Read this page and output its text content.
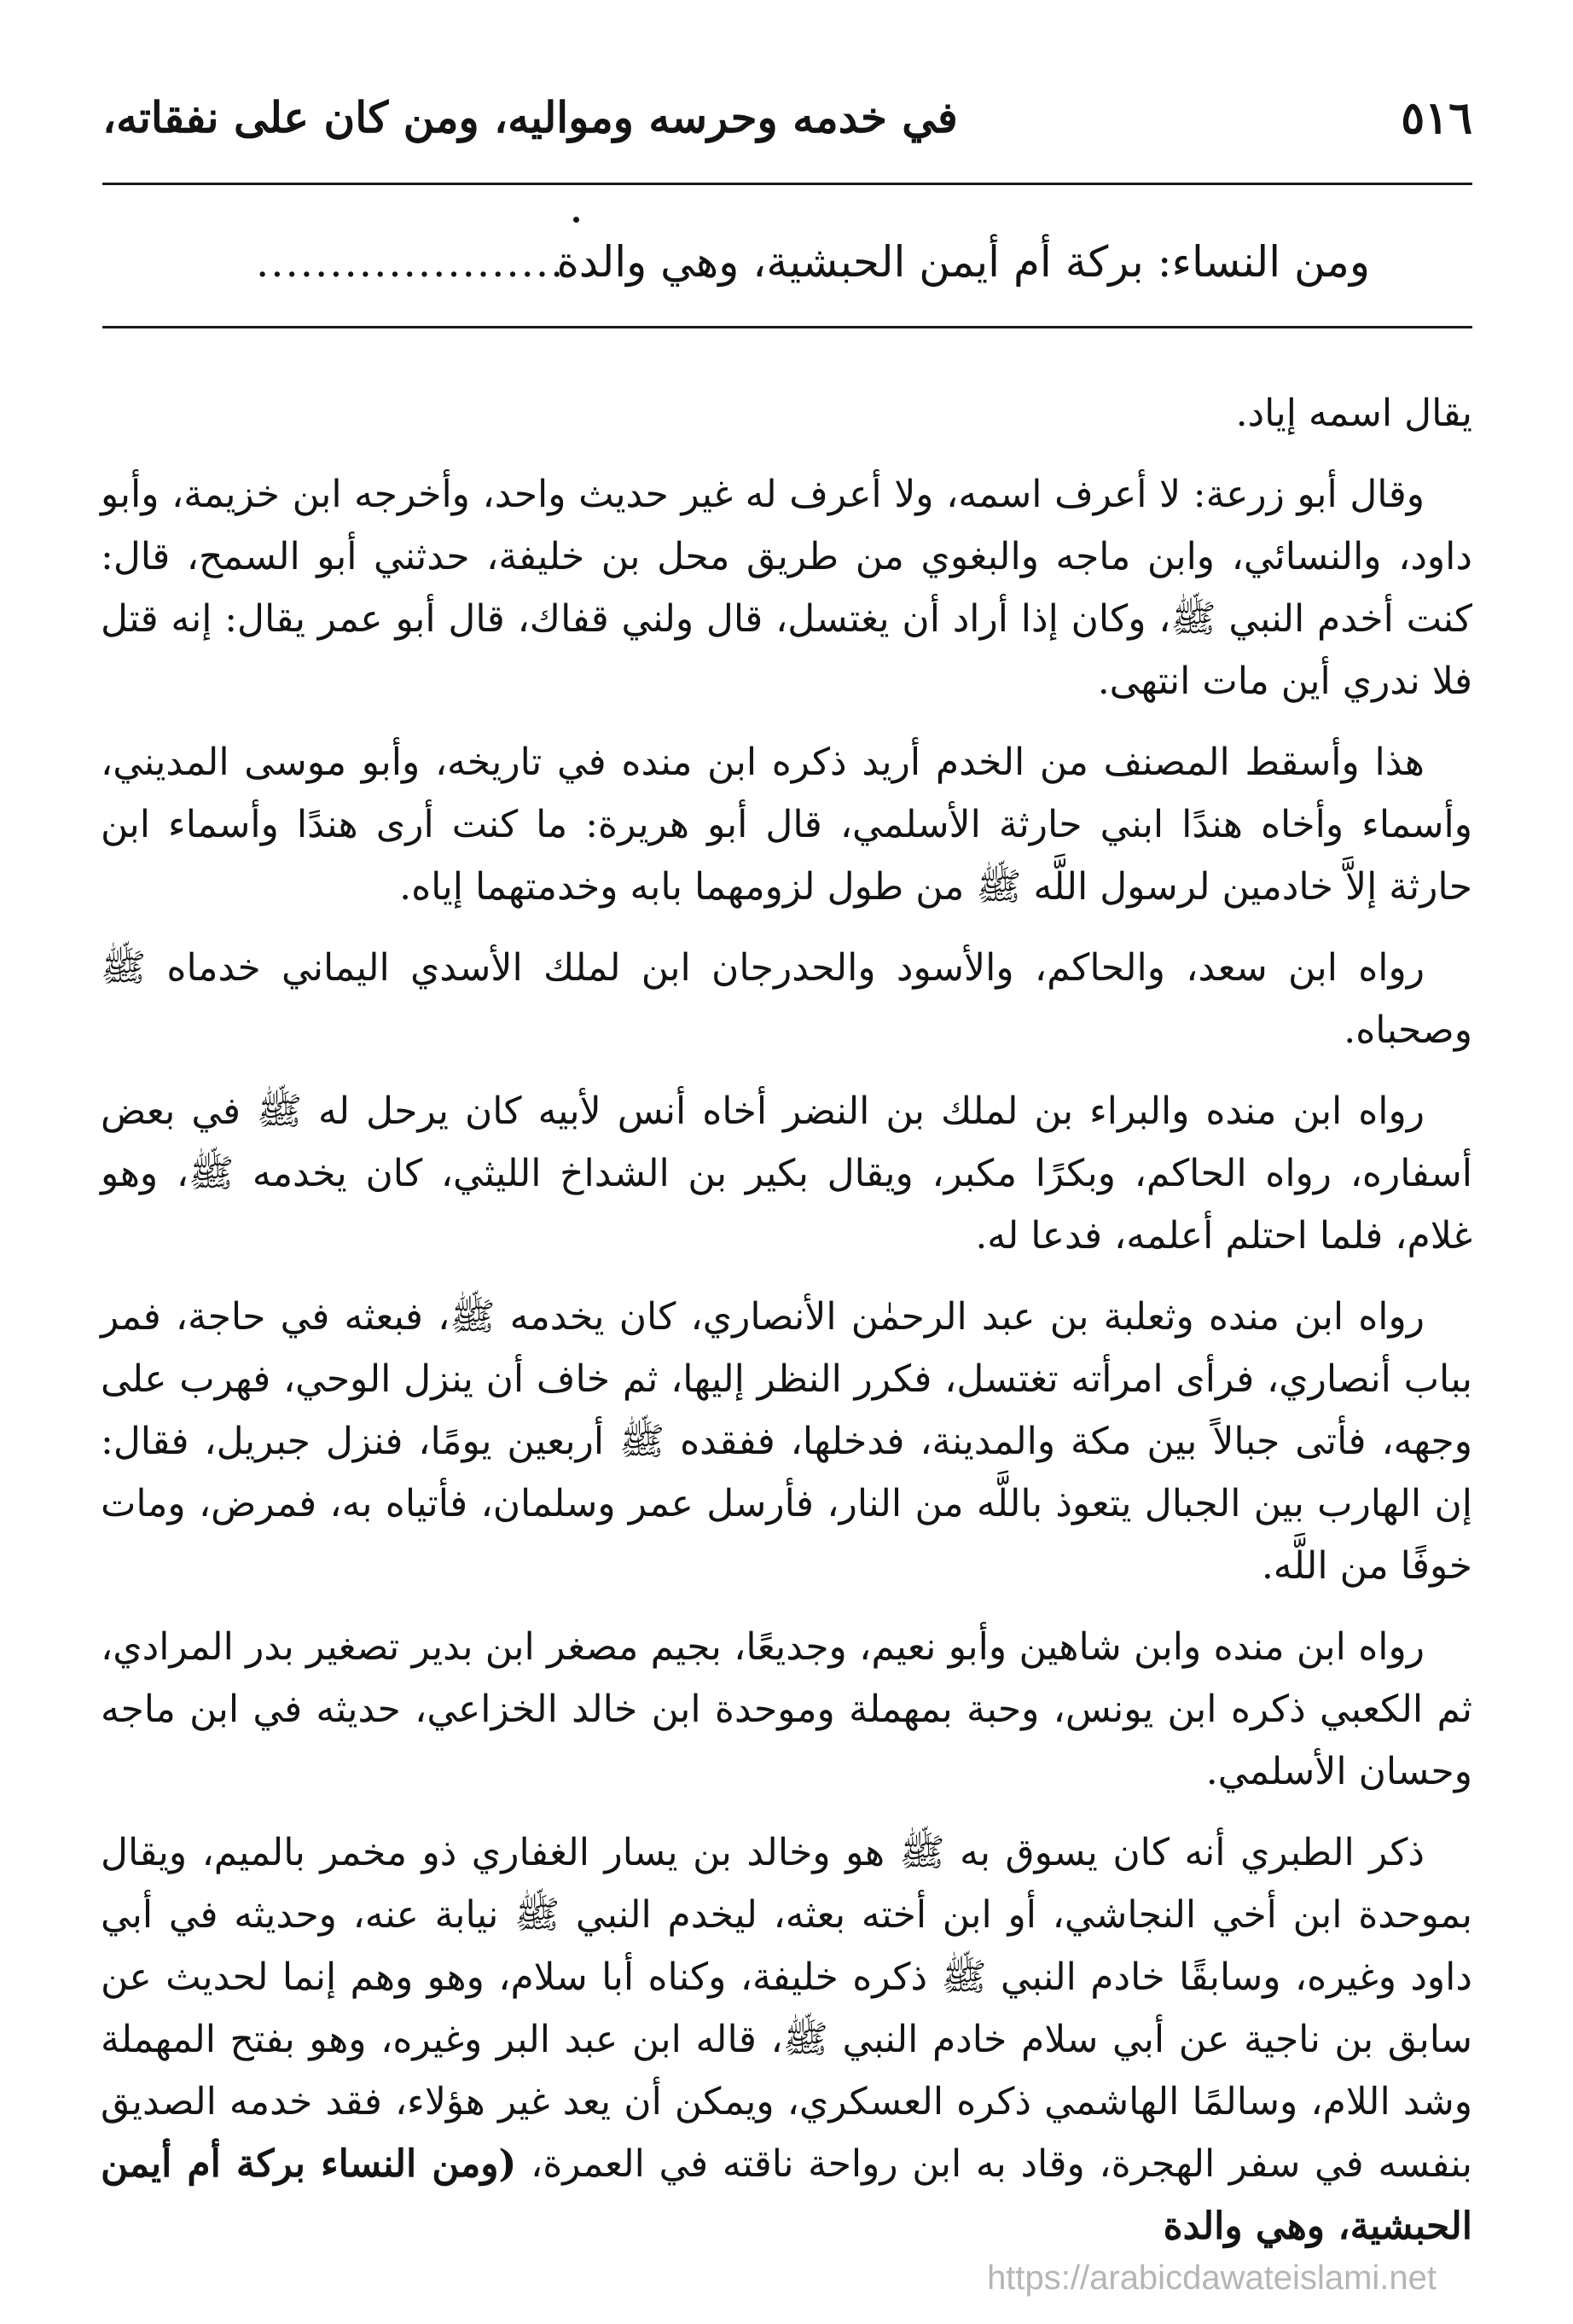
٥١٦
في خدمه وحرسه ومواليه، ومن كان على نفقاته،
ومن النساء: بركة أم أيمن الحبشية، وهي والدة
.....................

يقال اسمه إياد.

وقال أبو زرعة: لا أعرف اسمه، ولا أعرف له غير حديث واحد، وأخرجه ابن خزيمة، وأبو داود، والنسائي، وابن ماجه والبغوي من طريق محل بن خليفة، حدثني أبو السمح، قال: كنت أخدم النبي ﷺ، وكان إذا أراد أن يغتسل، قال ولني قفاك، قال أبو عمر يقال: إنه قتل فلا ندري أين مات انتهى.

هذا وأسقط المصنف من الخدم أريد ذكره ابن منده في تاريخه، وأبو موسى المديني، وأسماء وأخاه هندًا ابني حارثة الأسلمي، قال أبو هريرة: ما كنت أرى هندًا وأسماء ابن حارثة إلاَّ خادمين لرسول اللَّه ﷺ من طول لزومهما بابه وخدمتهما إياه.

رواه ابن سعد، والحاكم، والأسود والحدرجان ابن لملك الأسدي اليماني خدماه ﷺ وصحباه.

رواه ابن منده والبراء بن لملك بن النضر أخاه أنس لأبيه كان يرحل له ﷺ في بعض أسفاره، رواه الحاكم، وبكرًا مكبر، ويقال بكير بن الشداخ الليثي، كان يخدمه ﷺ، وهو غلام، فلما احتلم أعلمه، فدعا له.

رواه ابن منده وثعلبة بن عبد الرحمٰن الأنصاري، كان يخدمه ﷺ، فبعثه في حاجة، فمر بباب أنصاري، فرأى امرأته تغتسل، فكرر النظر إليها، ثم خاف أن ينزل الوحي، فهرب على وجهه، فأتى جبالاً بين مكة والمدينة، فدخلها، ففقده ﷺ أربعين يومًا، فنزل جبريل، فقال: إن الهارب بين الجبال يتعوذ باللَّه من النار، فأرسل عمر وسلمان، فأتياه به، فمرض، ومات خوفًا من اللَّه.

رواه ابن منده وابن شاهين وأبو نعيم، وجديعًا، بجيم مصغر ابن بدير تصغير بدر المرادي، ثم الكعبي ذكره ابن يونس، وحبة بمهملة وموحدة ابن خالد الخزاعي، حديثه في ابن ماجه وحسان الأسلمي.

ذكر الطبري أنه كان يسوق به ﷺ هو وخالد بن يسار الغفاري ذو مخمر بالميم، ويقال بموحدة ابن أخي النجاشي، أو ابن أخته بعثه، ليخدم النبي ﷺ نيابة عنه، وحديثه في أبي داود وغيره، وسابقًا خادم النبي ﷺ ذكره خليفة، وكناه أبا سلام، وهو وهم إنما لحديث عن سابق بن ناجية عن أبي سلام خادم النبي ﷺ، قاله ابن عبد البر وغيره، وهو بفتح المهملة وشد اللام، وسالمًا الهاشمي ذكره العسكري، ويمكن أن يعد غير هؤلاء، فقد خدمه الصديق بنفسه في سفر الهجرة، وقاد به ابن رواحة ناقته في العمرة، (ومن النساء بركة أم أيمن الحبشية، وهي والدة

https://arabicdawateislami.net
